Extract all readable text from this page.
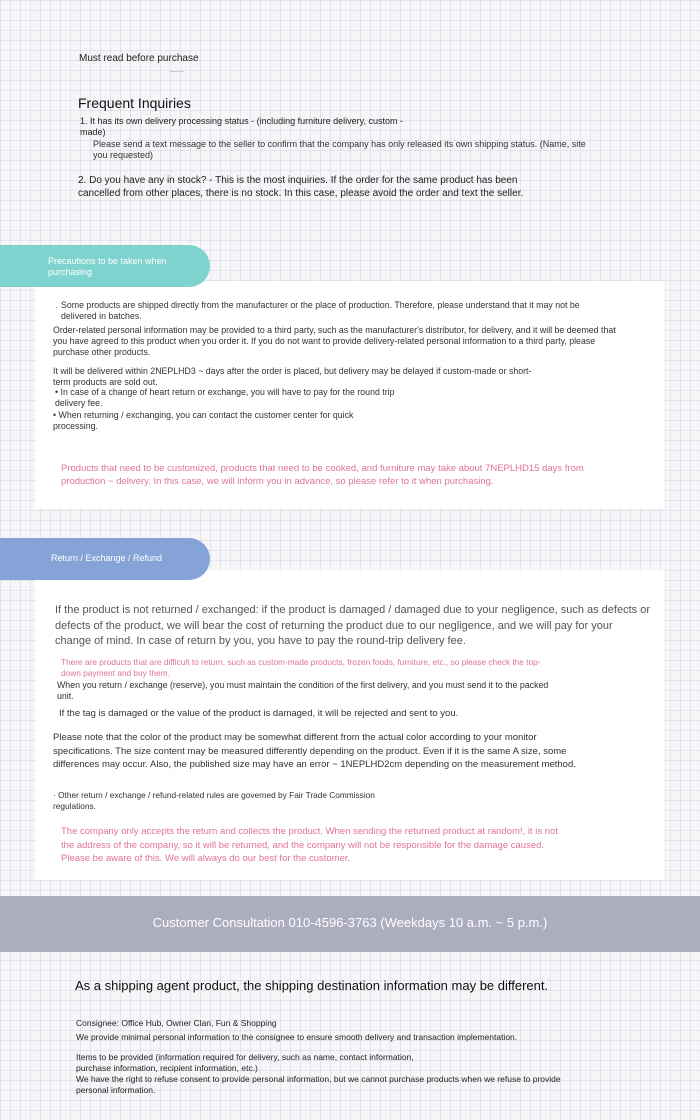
Must read before purchase
Frequent Inquiries
1. It has its own delivery processing status - (including furniture delivery, custom -made)
Please send a text message to the seller to confirm that the company has only released its own shipping status. (Name, site you requested)
2. Do you have any in stock? - This is the most inquiries. If the order for the same product has been cancelled from other places, there is no stock. In this case, please avoid the order and text the seller.
Precautions to be taken when purchasing
· Some products are shipped directly from the manufacturer or the place of production. Therefore, please understand that it may not be delivered in batches.
Order-related personal information may be provided to a third party, such as the manufacturer's distributor, for delivery, and it will be deemed that you have agreed to this product when you order it. If you do not want to provide delivery-related personal information to a third party, please purchase other products.
It will be delivered within 2NEPLHD3 ~ days after the order is placed, but delivery may be delayed if custom-made or short-term products are sold out.
• In case of a change of heart return or exchange, you will have to pay for the round trip delivery fee.
• When returning / exchanging, you can contact the customer center for quick processing.
Products that need to be customized, products that need to be cooked, and furniture may take about 7NEPLHD15 days from production ~ delivery. In this case, we will inform you in advance, so please refer to it when purchasing.
Return / Exchange / Refund
If the product is not returned / exchanged: if the product is damaged / damaged due to your negligence, such as defects or defects of the product, we will bear the cost of returning the product due to our negligence, and we will pay for your change of mind. In case of return by you, you have to pay the round-trip delivery fee.
There are products that are difficult to return, such as custom-made products, frozen foods, furniture, etc., so please check the top-down payment and buy them.
When you return / exchange (reserve), you must maintain the condition of the first delivery, and you must send it to the packed unit.
If the tag is damaged or the value of the product is damaged, it will be rejected and sent to you.
Please note that the color of the product may be somewhat different from the actual color according to your monitor specifications. The size content may be measured differently depending on the product. Even if it is the same A size, some differences may occur. Also, the published size may have an error ~ 1NEPLHD2cm depending on the measurement method.
· Other return / exchange / refund-related rules are governed by Fair Trade Commission regulations.
The company only accepts the return and collects the product. When sending the returned product at random!, it is not the address of the company, so it will be returned, and the company will not be responsible for the damage caused. Please be aware of this. We will always do our best for the customer.
Customer Consultation 010-4596-3763 (Weekdays 10 a.m. ~ 5 p.m.)
As a shipping agent product, the shipping destination information may be different.
Consignee: Office Hub, Owner Clan, Fun & Shopping
We provide minimal personal information to the consignee to ensure smooth delivery and transaction implementation.
Items to be provided (information required for delivery, such as name, contact information, purchase information, recipient information, etc.)
We have the right to refuse consent to provide personal information, but we cannot purchase products when we refuse to provide personal information.
